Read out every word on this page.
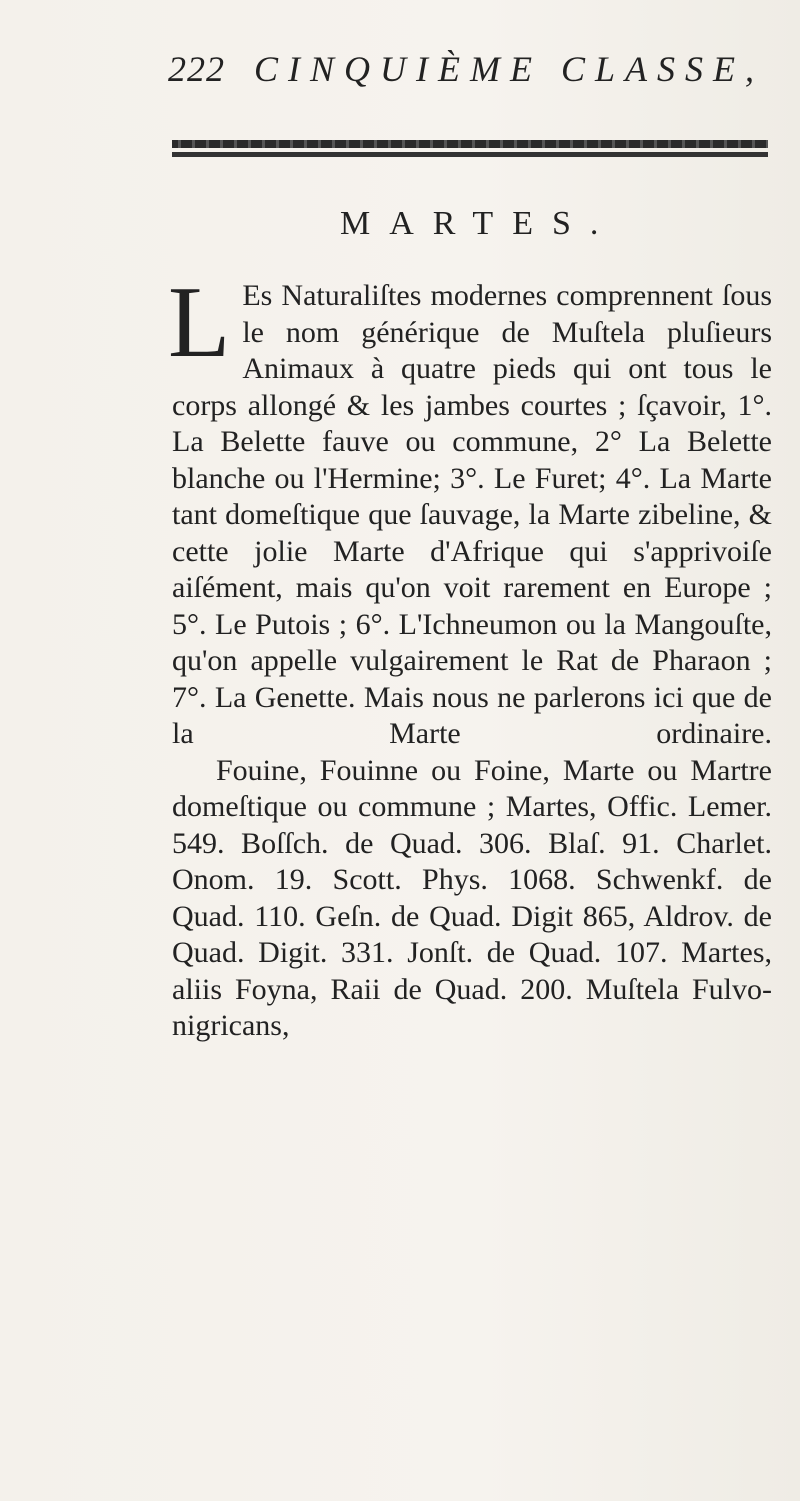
222 CINQUIÈME CLASSE,
MARTES.

L Es Naturaliſtes modernes comprennent ſous le nom générique de Muſtela pluſieurs Animaux à quatre pieds qui ont tous le corps allongé & les jambes courtes ; ſçavoir, 1°. La Belette fauve ou commune, 2° La Belette blanche ou l'Hermine; 3°. Le Furet; 4°. La Marte tant domeſtique que ſauvage, la Marte zibeline, & cette jolie Marte d'Afrique qui s'apprivoiſe aiſément, mais qu'on voit rarement en Europe ; 5°. Le Putois ; 6°. L'Ichneumon ou la Mangouſte, qu'on appelle vulgairement le Rat de Pharaon ; 7°. La Genette. Mais nous ne parlerons ici que de la Marte ordinaire.

Fouine, Fouinne ou Foine, Marte ou Martre domeſtique ou commune ; Martes, Offic. Lemer. 549. Boſſch. de Quad. 306. Blaſ. 91. Charlet. Onom. 19. Scott. Phys. 1068. Schwenkf. de Quad. 110. Geſn. de Quad. Digit 865, Aldrov. de Quad. Digit. 331. Jonſt. de Quad. 107. Martes, aliis Foyna, Raii de Quad. 200. Muſtela Fulvo-nigricans,
